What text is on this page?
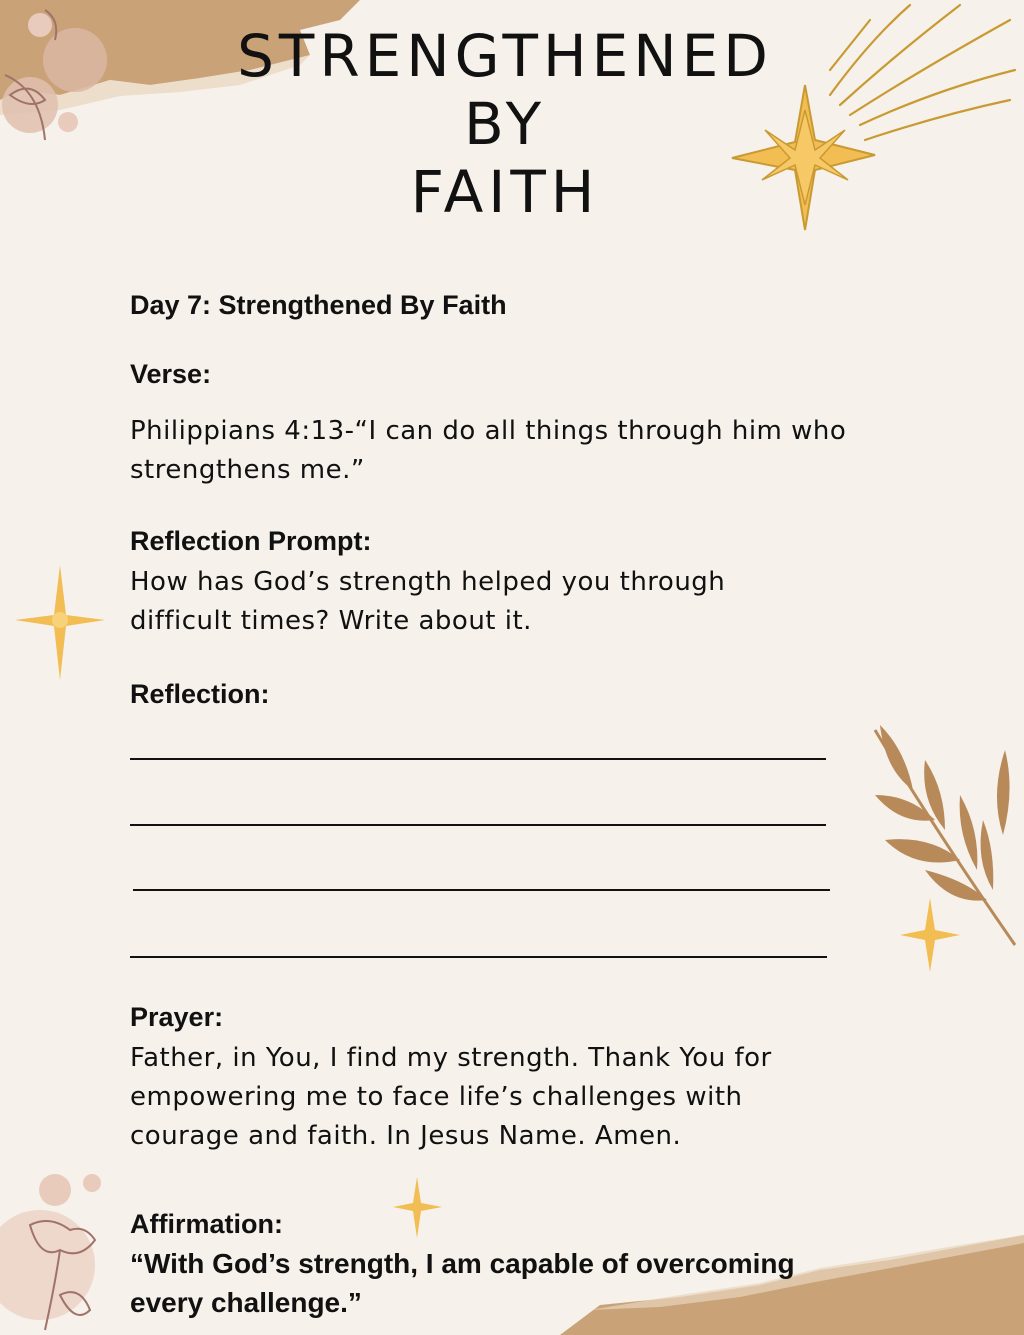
STRENGTHENED
BY
FAITH
Day 7: Strengthened By Faith
Verse:
Philippians 4:13-“I can do all things through him who
strengthens me.”
Reflection Prompt:
How has God’s strength helped you through
difficult times? Write about it.
Reflection:
Prayer:
Father, in You, I find my strength. Thank You for
empowering me to face life’s challenges with
courage and faith. In Jesus Name. Amen.
Affirmation:
“With God’s strength, I am capable of overcoming
every challenge.”
